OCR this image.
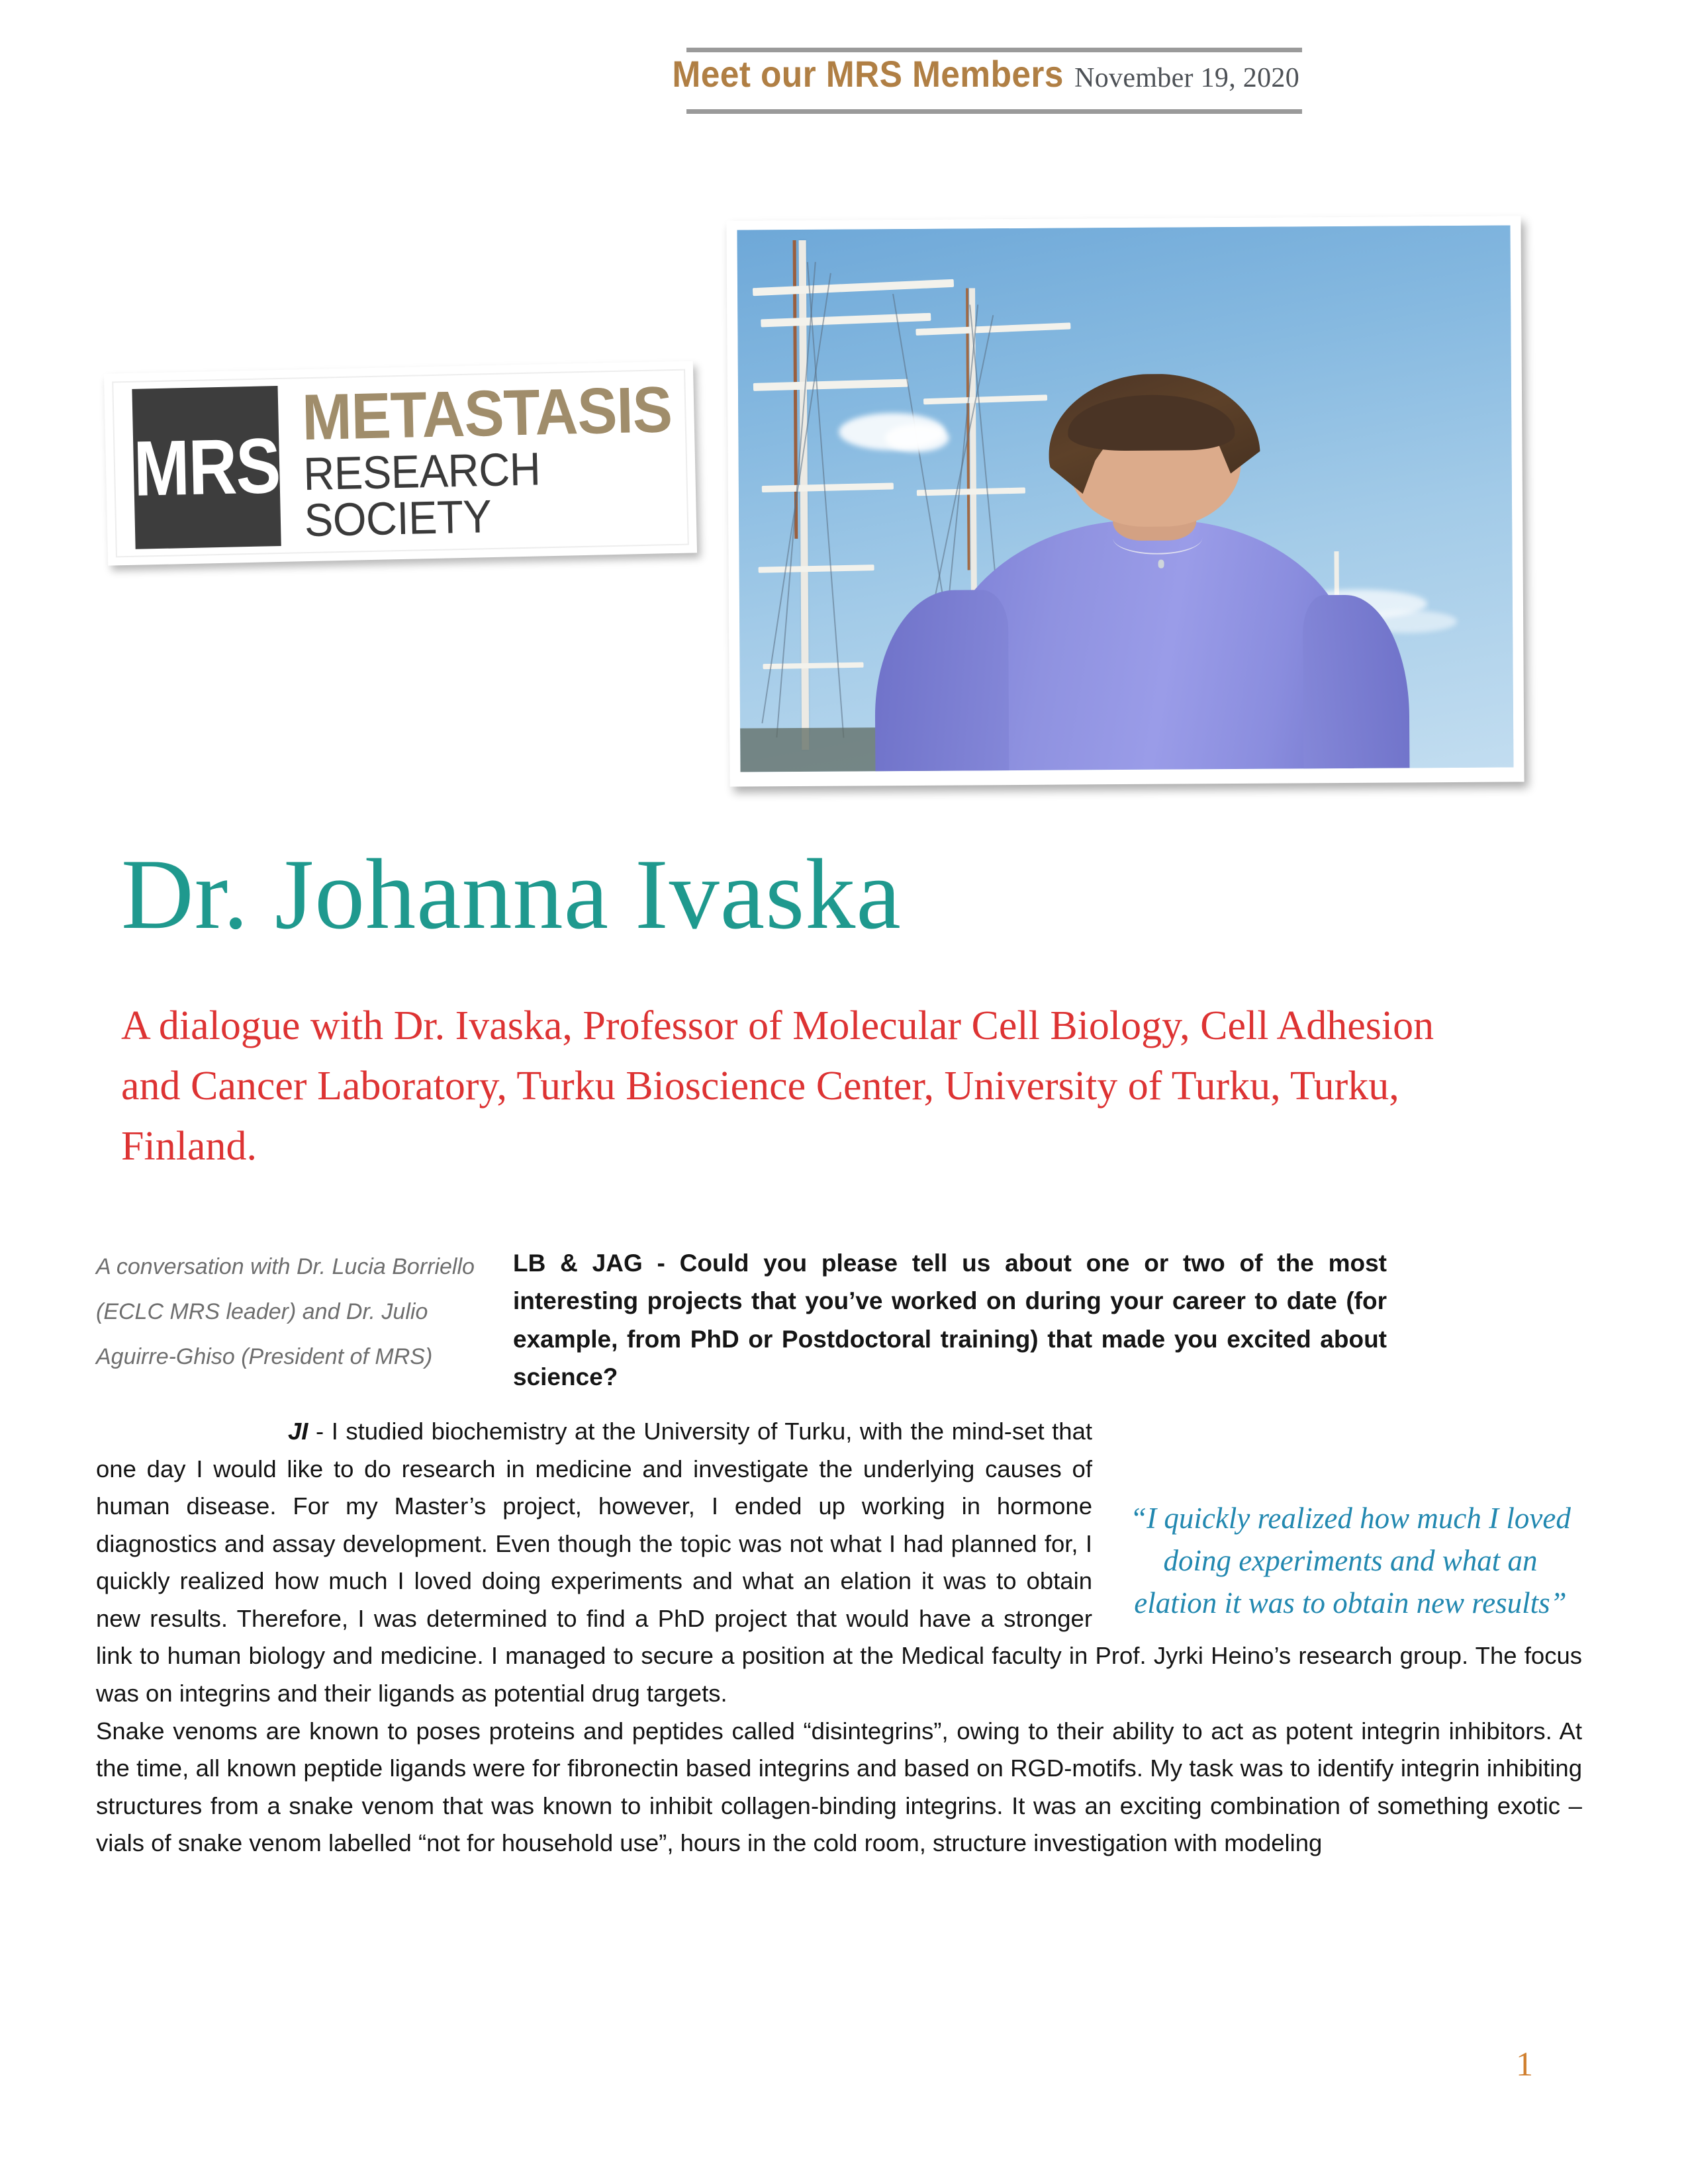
Meet our MRS Members November 19, 2020
MRS
METASTASIS
RESEARCH SOCIETY
Dr. Johanna Ivaska
A dialogue with Dr. Ivaska, Professor of Molecular Cell Biology, Cell Adhesion and Cancer Laboratory, Turku Bioscience Center, University of Turku, Turku, Finland.
A conversation with Dr. Lucia Borriello (ECLC MRS leader) and Dr. Julio Aguirre-Ghiso (President of MRS)
LB & JAG - Could you please tell us about one or two of the most interesting projects that you’ve worked on during your career to date (for example, from PhD or Postdoctoral training) that made you excited about science?
“I quickly realized how much I loved doing experiments and what an elation it was to obtain new results”

JI - I studied biochemistry at the University of Turku, with the mind-set that one day I would like to do research in medicine and investigate the underlying causes of human disease. For my Master’s project, however, I ended up working in hormone diagnostics and assay development. Even though the topic was not what I had planned for, I quickly realized how much I loved doing experiments and what an elation it was to obtain new results. Therefore, I was determined to find a PhD project that would have a stronger link to human biology and medicine. I managed to secure a position at the Medical faculty in Prof. Jyrki Heino’s research group. The focus was on integrins and their ligands as potential drug targets.

Snake venoms are known to poses proteins and peptides called “disintegrins”, owing to their ability to act as potent integrin inhibitors. At the time, all known peptide ligands were for fibronectin based integrins and based on RGD-motifs. My task was to identify integrin inhibiting structures from a snake venom that was known to inhibit collagen-binding integrins. It was an exciting combination of something exotic – vials of snake venom labelled “not for household use”, hours in the cold room, structure investigation with modeling

1
